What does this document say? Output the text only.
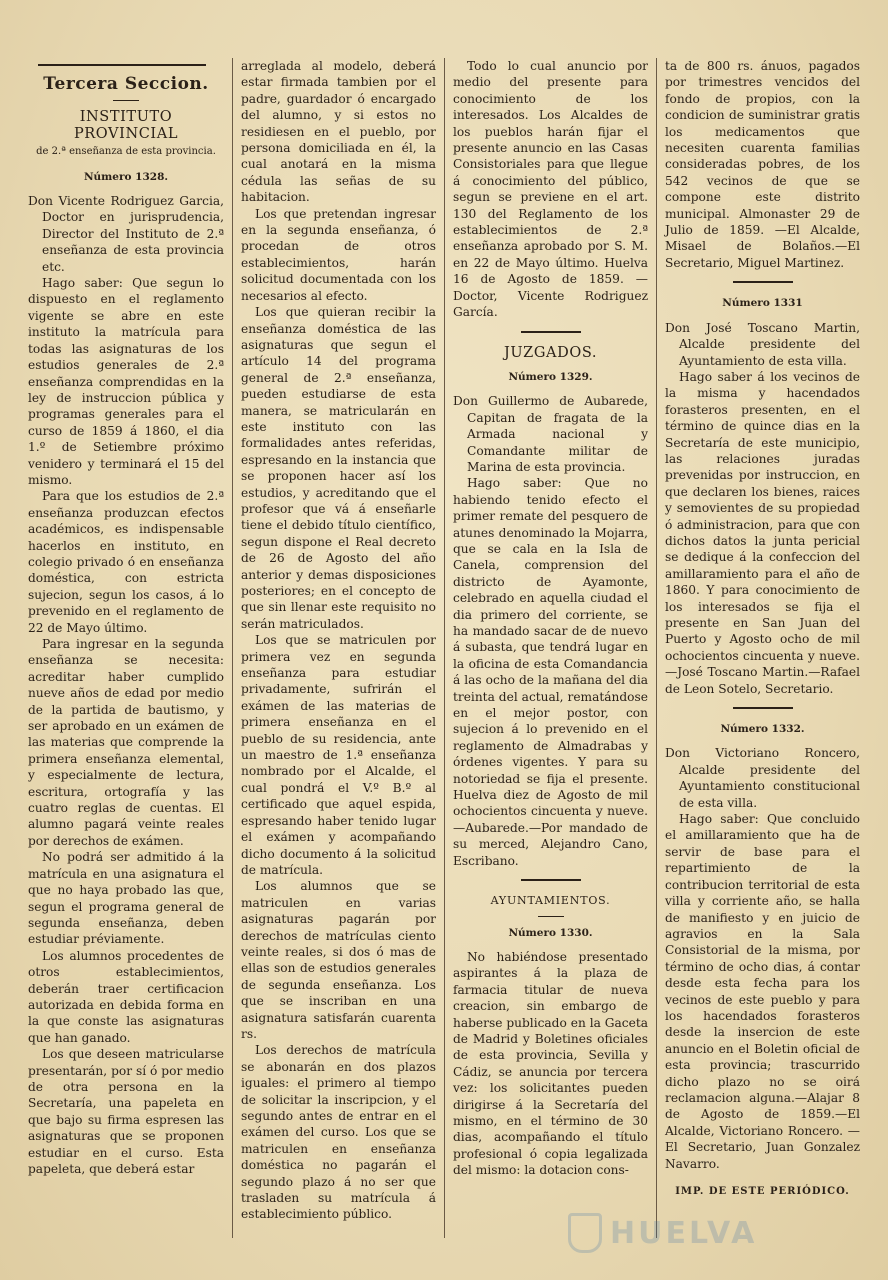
Tercera Seccion.
INSTITUTO PROVINCIAL
de 2.ª enseñanza de esta provincia.
Número 1328.

Don Vicente Rodriguez Garcia, Doctor en jurisprudencia, Director del Instituto de 2.ª enseñanza de esta provincia etc.

Hago saber: Que segun lo dispuesto en el reglamento vigente se abre en este instituto la matrícula para todas las asignaturas de los estudios generales de 2.ª enseñanza comprendidas en la ley de instruccion pública y programas generales para el curso de 1859 á 1860, el dia 1.º de Setiembre próximo venidero y terminará el 15 del mismo.

Para que los estudios de 2.ª enseñanza produzcan efectos académicos, es indispensable hacerlos en instituto, en colegio privado ó en enseñanza doméstica, con estricta sujecion, segun los casos, á lo prevenido en el reglamento de 22 de Mayo último.

Para ingresar en la segunda enseñanza se necesita: acreditar haber cumplido nueve años de edad por medio de la partida de bautismo, y ser aprobado en un exámen de las materias que comprende la primera enseñanza elemental, y especialmente de lectura, escritura, ortografía y las cuatro reglas de cuentas. El alumno pagará veinte reales por derechos de exámen.

No podrá ser admitido á la matrícula en una asignatura el que no haya probado las que, segun el programa general de segunda enseñanza, deben estudiar préviamente.

Los alumnos procedentes de otros establecimientos, deberán traer certificacion autorizada en debida forma en la que conste las asignaturas que han ganado.

Los que deseen matricularse presentarán, por sí ó por medio de otra persona en la Secretaría, una papeleta en que bajo su firma espresen las asignaturas que se proponen estudiar en el curso. Esta papeleta, que deberá estar

arreglada al modelo, deberá estar firmada tambien por el padre, guardador ó encargado del alumno, y si estos no residiesen en el pueblo, por persona domiciliada en él, la cual anotará en la misma cédula las señas de su habitacion.

Los que pretendan ingresar en la segunda enseñanza, ó procedan de otros establecimientos, harán solicitud documentada con los necesarios al efecto.

Los que quieran recibir la enseñanza doméstica de las asignaturas que segun el artículo 14 del programa general de 2.ª enseñanza, pueden estudiarse de esta manera, se matricularán en este instituto con las formalidades antes referidas, espresando en la instancia que se proponen hacer así los estudios, y acreditando que el profesor que vá á enseñarle tiene el debido título científico, segun dispone el Real decreto de 26 de Agosto del año anterior y demas disposiciones posteriores; en el concepto de que sin llenar este requisito no serán matriculados.

Los que se matriculen por primera vez en segunda enseñanza para estudiar privadamente, sufrirán el exámen de las materias de primera enseñanza en el pueblo de su residencia, ante un maestro de 1.ª enseñanza nombrado por el Alcalde, el cual pondrá el V.º B.º al certificado que aquel espida, espresando haber tenido lugar el exámen y acompañando dicho documento á la solicitud de matrícula.

Los alumnos que se matriculen en varias asignaturas pagarán por derechos de matrículas ciento veinte reales, si dos ó mas de ellas son de estudios generales de segunda enseñanza. Los que se inscriban en una asignatura satisfarán cuarenta rs.

Los derechos de matrícula se abonarán en dos plazos iguales: el primero al tiempo de solicitar la inscripcion, y el segundo antes de entrar en el exámen del curso. Los que se matriculen en enseñanza doméstica no pagarán el segundo plazo á no ser que trasladen su matrícula á establecimiento público.

Todo lo cual anuncio por medio del presente para conocimiento de los interesados. Los Alcaldes de los pueblos harán fijar el presente anuncio en las Casas Consistoriales para que llegue á conocimiento del público, segun se previene en el art. 130 del Reglamento de los establecimientos de 2.ª enseñanza aprobado por S. M. en 22 de Mayo último. Huelva 16 de Agosto de 1859. —Doctor, Vicente Rodriguez García.

JUZGADOS.
Número 1329.

Don Guillermo de Aubarede, Capitan de fragata de la Armada nacional y Comandante militar de Marina de esta provincia.

Hago saber: Que no habiendo tenido efecto el primer remate del pesquero de atunes denominado la Mojarra, que se cala en la Isla de Canela, comprension del districto de Ayamonte, celebrado en aquella ciudad el dia primero del corriente, se ha mandado sacar de de nuevo á subasta, que tendrá lugar en la oficina de esta Comandancia á las ocho de la mañana del dia treinta del actual, rematándose en el mejor postor, con sujecion á lo prevenido en el reglamento de Almadrabas y órdenes vigentes. Y para su notoriedad se fija el presente. Huelva diez de Agosto de mil ochocientos cincuenta y nueve.—Aubarede.—Por mandado de su merced, Alejandro Cano, Escribano.

AYUNTAMIENTOS.
Número 1330.

No habiéndose presentado aspirantes á la plaza de farmacia titular de nueva creacion, sin embargo de haberse publicado en la Gaceta de Madrid y Boletines oficiales de esta provincia, Sevilla y Cádiz, se anuncia por tercera vez: los solicitantes pueden dirigirse á la Secretaría del mismo, en el término de 30 dias, acompañando el título profesional ó copia legalizada del mismo: la dotacion cons-

ta de 800 rs. ánuos, pagados por trimestres vencidos del fondo de propios, con la condicion de suministrar gratis los medicamentos que necesiten cuarenta familias consideradas pobres, de los 542 vecinos de que se compone este distrito municipal. Almonaster 29 de Julio de 1859. —El Alcalde, Misael de Bolaños.—El Secretario, Miguel Martinez.

Número 1331

Don José Toscano Martin, Alcalde presidente del Ayuntamiento de esta villa.

Hago saber á los vecinos de la misma y hacendados forasteros presenten, en el término de quince dias en la Secretaría de este municipio, las relaciones juradas prevenidas por instruccion, en que declaren los bienes, raices y semovientes de su propiedad ó administracion, para que con dichos datos la junta pericial se dedique á la confeccion del amillaramiento para el año de 1860. Y para conocimiento de los interesados se fija el presente en San Juan del Puerto y Agosto ocho de mil ochocientos cincuenta y nueve.—José Toscano Martin.—Rafael de Leon Sotelo, Secretario.

Número 1332.

Don Victoriano Roncero, Alcalde presidente del Ayuntamiento constitucional de esta villa.

Hago saber: Que concluido el amillaramiento que ha de servir de base para el repartimiento de la contribucion territorial de esta villa y corriente año, se halla de manifiesto y en juicio de agravios en la Sala Consistorial de la misma, por término de ocho dias, á contar desde esta fecha para los vecinos de este pueblo y para los hacendados forasteros desde la insercion de este anuncio en el Boletin oficial de esta provincia; trascurrido dicho plazo no se oirá reclamacion alguna.—Alajar 8 de Agosto de 1859.—El Alcalde, Victoriano Roncero. —El Secretario, Juan Gonzalez Navarro.

IMP. DE ESTE PERIÓDICO.
HUELVA
